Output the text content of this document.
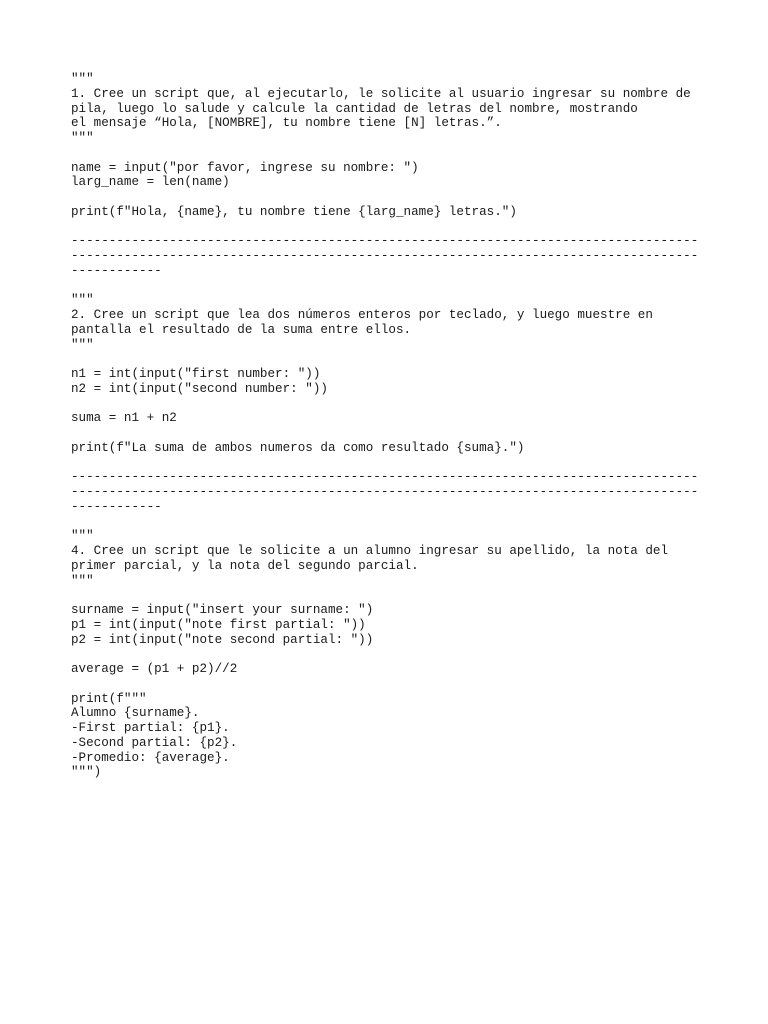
"""
1. Cree un script que, al ejecutarlo, le solicite al usuario ingresar su nombre de
pila, luego lo salude y calcule la cantidad de letras del nombre, mostrando
el mensaje “Hola, [NOMBRE], tu nombre tiene [N] letras.”.
"""
name = input("por favor, ingrese su nombre: ")
larg_name = len(name)
print(f"Hola, {name}, tu nombre tiene {larg_name} letras.")
-----------------------------------------------------------------------------------
-----------------------------------------------------------------------------------
------------
"""
2. Cree un script que lea dos números enteros por teclado, y luego muestre en
pantalla el resultado de la suma entre ellos.
"""
n1 = int(input("first number: "))
n2 = int(input("second number: "))
suma = n1 + n2
print(f"La suma de ambos numeros da como resultado {suma}.")
-----------------------------------------------------------------------------------
-----------------------------------------------------------------------------------
------------
"""
4. Cree un script que le solicite a un alumno ingresar su apellido, la nota del
primer parcial, y la nota del segundo parcial.
"""
surname = input("insert your surname: ")
p1 = int(input("note first partial: "))
p2 = int(input("note second partial: "))
average = (p1 + p2)//2
print(f"""
Alumno {surname}.
-First partial: {p1}.
-Second partial: {p2}.
-Promedio: {average}.
""")
